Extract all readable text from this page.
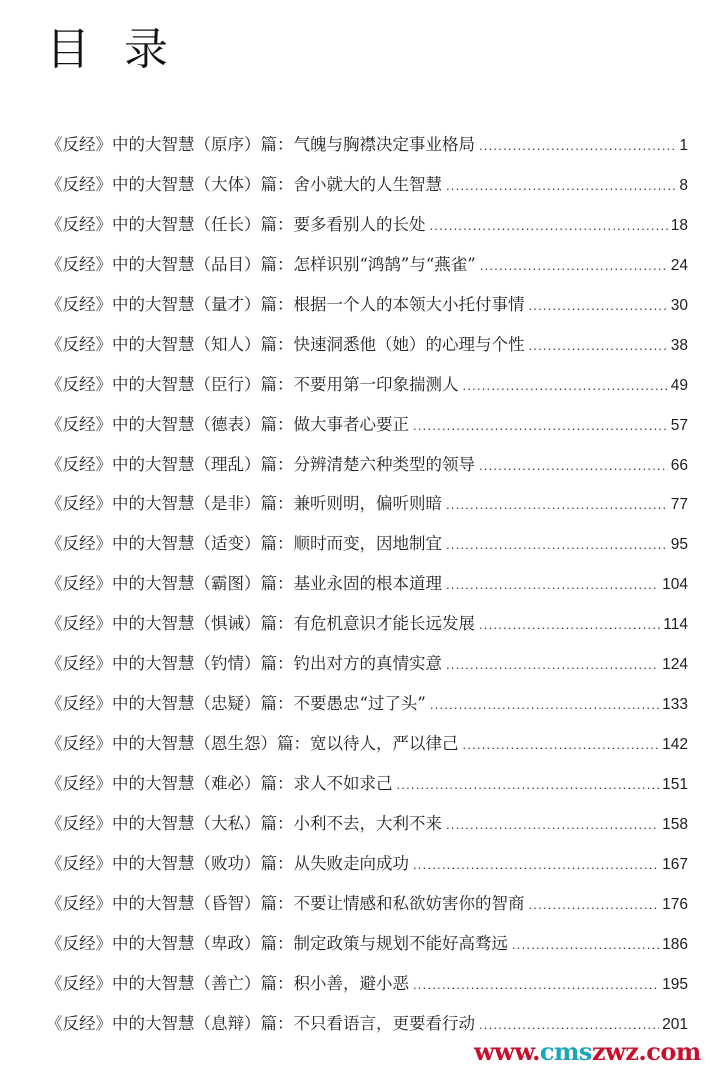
目 录
《反经》中的大智慧（原序）篇： 气魄与胸襟决定事业格局 .....	1
《反经》中的大智慧（大体）篇： 舍小就大的人生智慧 .....	8
《反经》中的大智慧（任长）篇： 要多看别人的长处 .....	18
《反经》中的大智慧（品目）篇： 怎样识别“鸿鹄”与“燕雀” .....	24
《反经》中的大智慧（量才）篇： 根据一个人的本领大小托付事情 .....	30
《反经》中的大智慧（知人）篇： 快速洞悉他（她）的心理与个性 .....	38
《反经》中的大智慧（臣行）篇： 不要用第一印象揣测人 .....	49
《反经》中的大智慧（德表）篇： 做大事者心要正 .....	57
《反经》中的大智慧（理乱）篇： 分辨清楚六种类型的领导 .....	66
《反经》中的大智慧（是非）篇： 兼听则明，偏听则暗 .....	77
《反经》中的大智慧（适变）篇： 顺时而变，因地制宜 .....	95
《反经》中的大智慧（霸图）篇： 基业永固的根本道理 .....	104
《反经》中的大智慧（惧诫）篇： 有危机意识才能长远发展 .....	114
《反经》中的大智慧（钓情）篇： 钓出对方的真情实意 .....	124
《反经》中的大智慧（忠疑）篇： 不要愚忠“过了头” .....	133
《反经》中的大智慧（恩生怨）篇： 宽以待人，严以律己 .....	142
《反经》中的大智慧（难必）篇： 求人不如求己 .....	151
《反经》中的大智慧（大私）篇： 小利不去，大利不来 .....	158
《反经》中的大智慧（败功）篇： 从失败走向成功 .....	167
《反经》中的大智慧（昏智）篇： 不要让情感和私欲妨害你的智商 .....	176
《反经》中的大智慧（卑政）篇： 制定政策与规划不能好高骛远 .....	186
《反经》中的大智慧（善亡）篇： 积小善，避小恶 .....	195
《反经》中的大智慧（息辩）篇： 不只看语言，更要看行动 .....	201
www.cmszwz.com
